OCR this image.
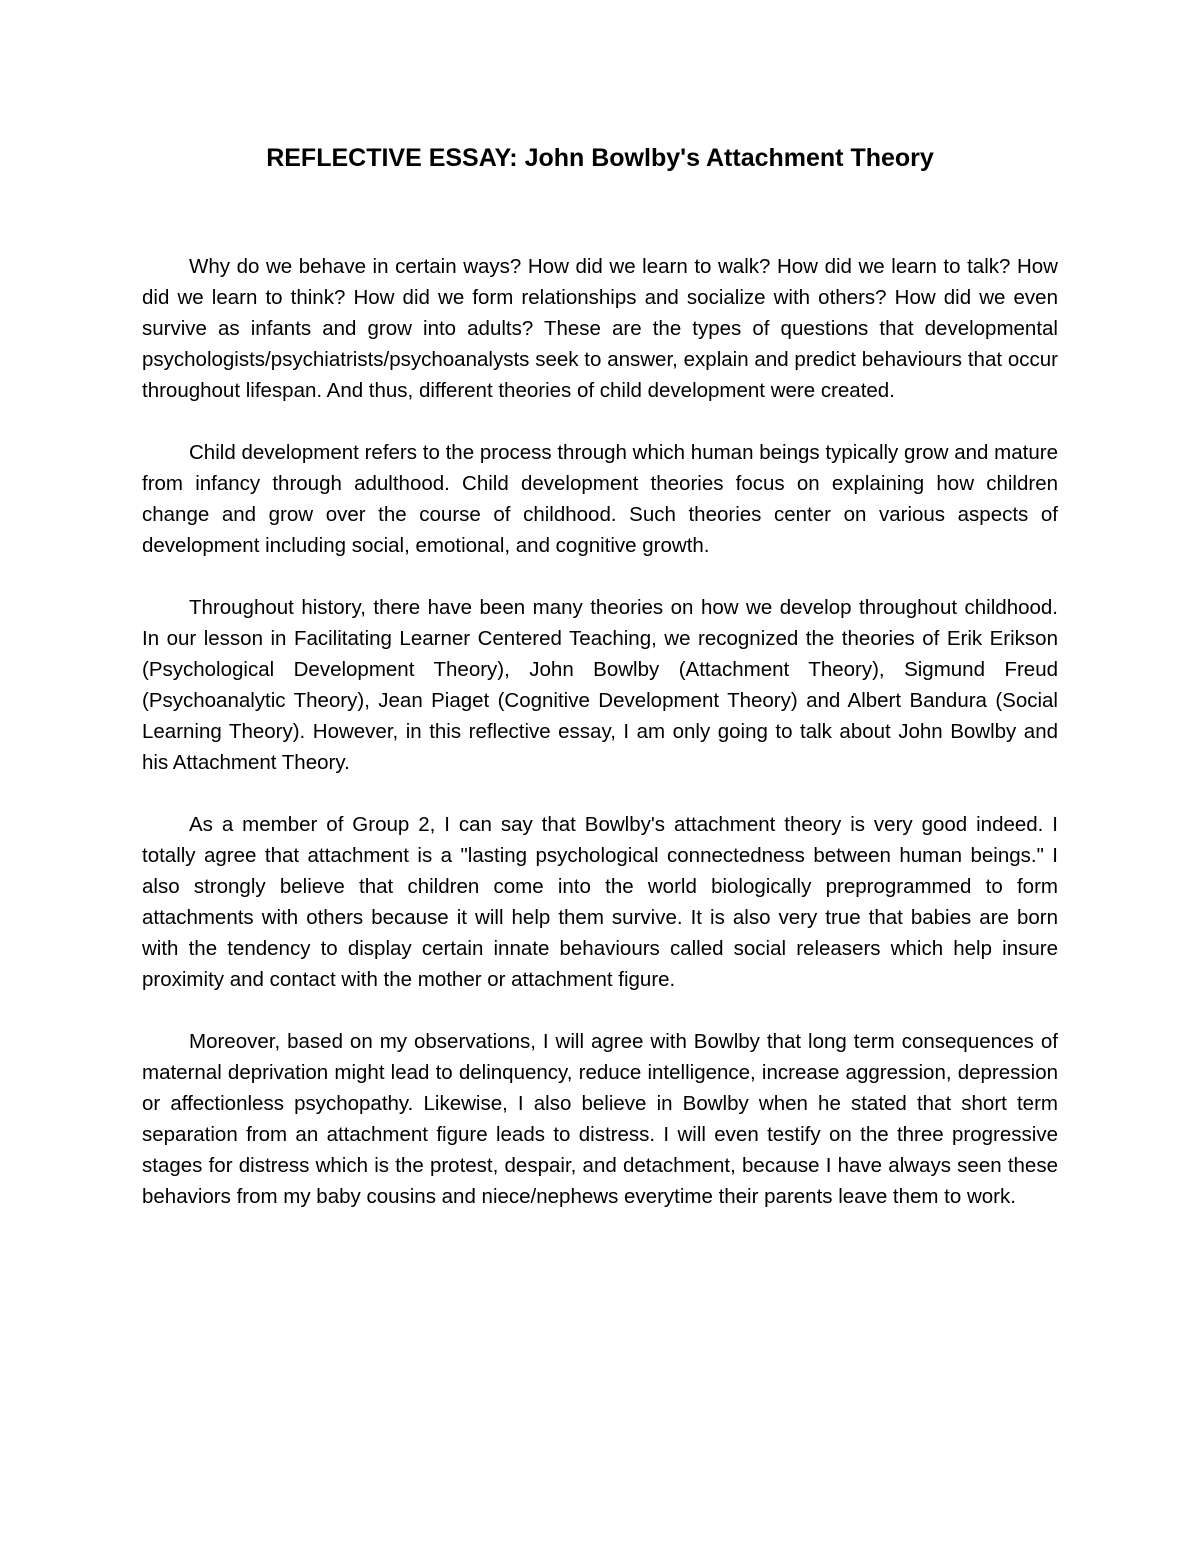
REFLECTIVE ESSAY: John Bowlby's Attachment Theory

Why do we behave in certain ways? How did we learn to walk? How did we learn to talk? How did we learn to think? How did we form relationships and socialize with others? How did we even survive as infants and grow into adults? These are the types of questions that developmental psychologists/psychiatrists/psychoanalysts seek to answer, explain and predict behaviours that occur throughout lifespan. And thus, different theories of child development were created.

Child development refers to the process through which human beings typically grow and mature from infancy through adulthood. Child development theories focus on explaining how children change and grow over the course of childhood. Such theories center on various aspects of development including social, emotional, and cognitive growth.

Throughout history, there have been many theories on how we develop throughout childhood. In our lesson in Facilitating Learner Centered Teaching, we recognized the theories of Erik Erikson (Psychological Development Theory), John Bowlby (Attachment Theory), Sigmund Freud (Psychoanalytic Theory), Jean Piaget (Cognitive Development Theory) and Albert Bandura (Social Learning Theory). However, in this reflective essay, I am only going to talk about John Bowlby and his Attachment Theory.

As a member of Group 2, I can say that Bowlby's attachment theory is very good indeed. I totally agree that attachment is a "lasting psychological connectedness between human beings." I also strongly believe that children come into the world biologically preprogrammed to form attachments with others because it will help them survive. It is also very true that babies are born with the tendency to display certain innate behaviours called social releasers which help insure proximity and contact with the mother or attachment figure.

Moreover, based on my observations, I will agree with Bowlby that long term consequences of maternal deprivation might lead to delinquency, reduce intelligence, increase aggression, depression or affectionless psychopathy. Likewise, I also believe in Bowlby when he stated that short term separation from an attachment figure leads to distress. I will even testify on the three progressive stages for distress which is the protest, despair, and detachment, because I have always seen these behaviors from my baby cousins and niece/nephews everytime their parents leave them to work.
